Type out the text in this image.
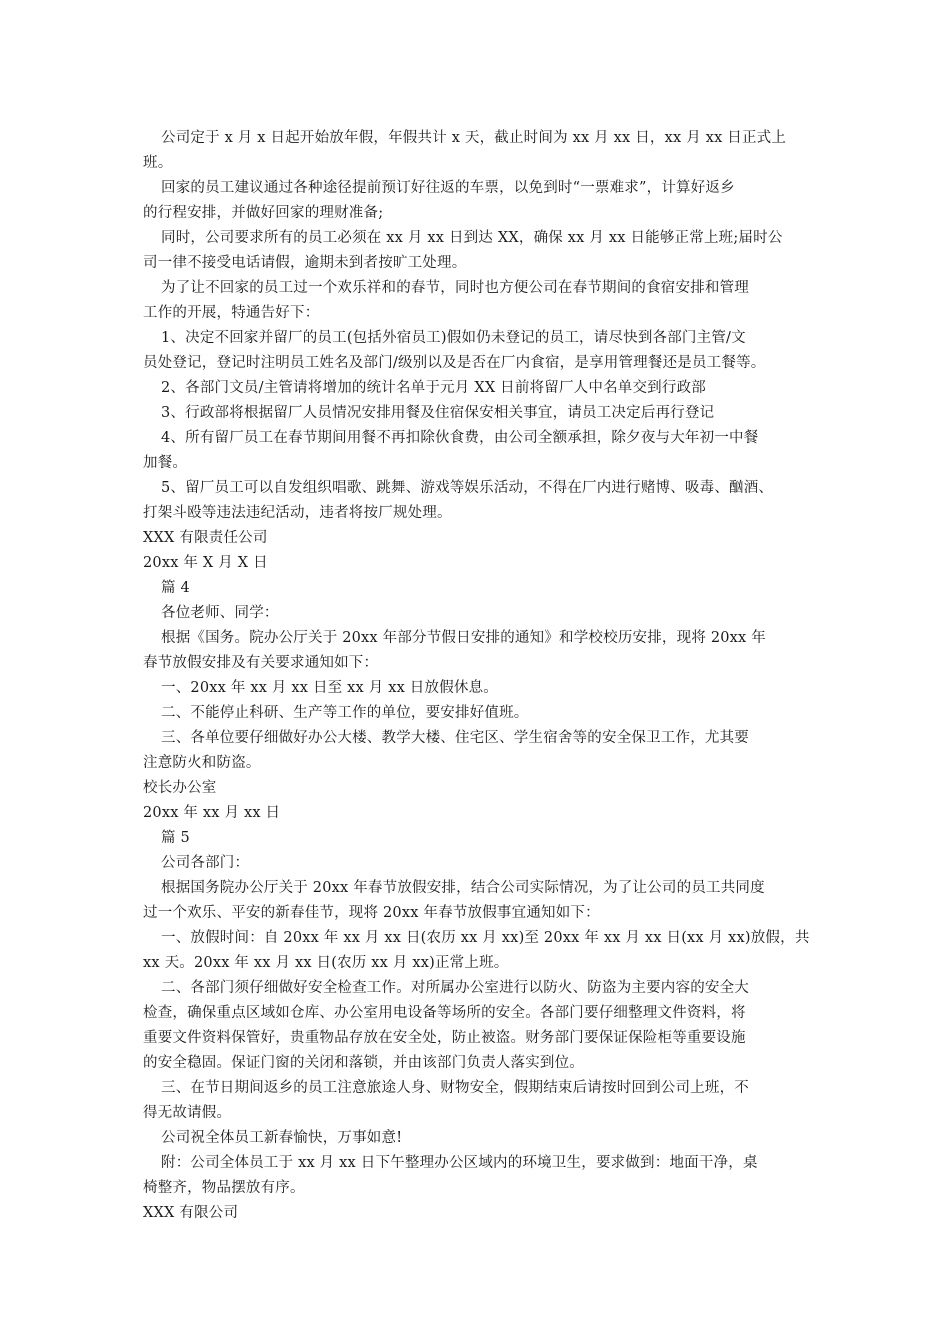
公司定于 x 月 x 日起开始放年假，年假共计 x 天，截止时间为 xx 月 xx 日，xx 月 xx 日正式上
班。
回家的员工建议通过各种途径提前预订好往返的车票，以免到时“一票难求”，计算好返乡
的行程安排，并做好回家的理财准备;
同时，公司要求所有的员工必须在 xx 月 xx 日到达 XX，确保 xx 月 xx 日能够正常上班;届时公
司一律不接受电话请假，逾期未到者按旷工处理。
为了让不回家的员工过一个欢乐祥和的春节，同时也方便公司在春节期间的食宿安排和管理
工作的开展，特通告好下：
1、决定不回家并留厂的员工(包括外宿员工)假如仍未登记的员工，请尽快到各部门主管/文
员处登记，登记时注明员工姓名及部门/级别以及是否在厂内食宿，是享用管理餐还是员工餐等。
2、各部门文员/主管请将增加的统计名单于元月 XX 日前将留厂人中名单交到行政部
3、行政部将根据留厂人员情况安排用餐及住宿保安相关事宜，请员工决定后再行登记
4、所有留厂员工在春节期间用餐不再扣除伙食费，由公司全额承担，除夕夜与大年初一中餐
加餐。
5、留厂员工可以自发组织唱歌、跳舞、游戏等娱乐活动，不得在厂内进行赌博、吸毒、酗酒、
打架斗殴等违法违纪活动，违者将按厂规处理。
XXX 有限责任公司
20xx 年 X 月 X 日
篇 4
各位老师、同学：
根据《国务。院办公厅关于 20xx 年部分节假日安排的通知》和学校校历安排，现将 20xx 年
春节放假安排及有关要求通知如下：
一、20xx 年 xx 月 xx 日至 xx 月 xx 日放假休息。
二、不能停止科研、生产等工作的单位，要安排好值班。
三、各单位要仔细做好办公大楼、教学大楼、住宅区、学生宿舍等的安全保卫工作，尤其要
注意防火和防盗。
校长办公室
20xx 年 xx 月 xx 日
篇 5
公司各部门：
根据国务院办公厅关于 20xx 年春节放假安排，结合公司实际情况，为了让公司的员工共同度
过一个欢乐、平安的新春佳节，现将 20xx 年春节放假事宜通知如下：
一、放假时间：自 20xx 年 xx 月 xx 日(农历 xx 月 xx)至 20xx 年 xx 月 xx 日(xx 月 xx)放假，共
xx 天。20xx 年 xx 月 xx 日(农历 xx 月 xx)正常上班。
二、各部门须仔细做好安全检查工作。对所属办公室进行以防火、防盗为主要内容的安全大
检查，确保重点区域如仓库、办公室用电设备等场所的安全。各部门要仔细整理文件资料，将
重要文件资料保管好，贵重物品存放在安全处，防止被盗。财务部门要保证保险柜等重要设施
的安全稳固。保证门窗的关闭和落锁，并由该部门负责人落实到位。
三、在节日期间返乡的员工注意旅途人身、财物安全，假期结束后请按时回到公司上班，不
得无故请假。
公司祝全体员工新春愉快，万事如意!
附：公司全体员工于 xx 月 xx 日下午整理办公区域内的环境卫生，要求做到：地面干净，桌
椅整齐，物品摆放有序。
XXX 有限公司
